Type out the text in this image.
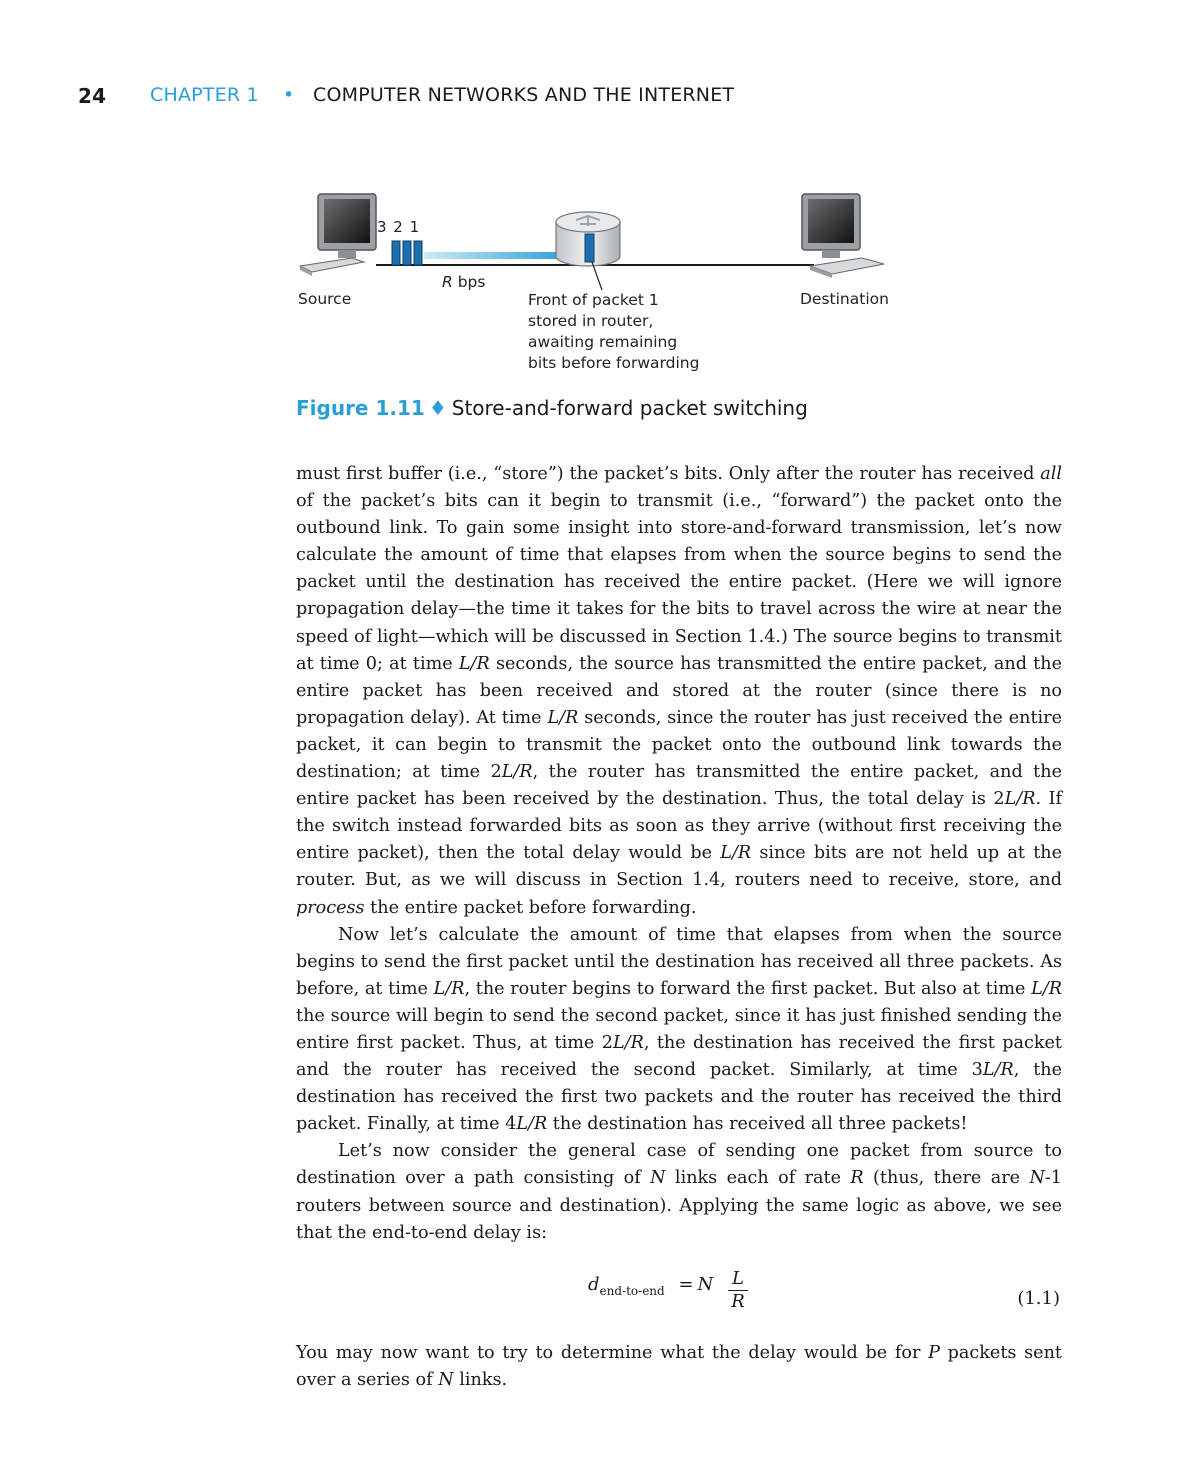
24 CHAPTER 1 • COMPUTER NETWORKS AND THE INTERNET
3 2 1
R bps
Source	Destination
Front of packet 1
stored in router,
awaiting remaining
bits before forwarding
Figure 1.11 ♦ Store-and-forward packet switching

must first buffer (i.e., “store”) the packet’s bits. Only after the router has received all of the packet’s bits can it begin to transmit (i.e., “forward”) the packet onto the outbound link. To gain some insight into store-and-forward transmission, let’s now calculate the amount of time that elapses from when the source begins to send the packet until the destination has received the entire packet. (Here we will ignore propagation delay—the time it takes for the bits to travel across the wire at near the speed of light—which will be discussed in Section 1.4.) The source begins to transmit at time 0; at time L/R seconds, the source has transmitted the entire packet, and the entire packet has been received and stored at the router (since there is no propagation delay). At time L/R seconds, since the router has just received the entire packet, it can begin to transmit the packet onto the outbound link towards the destination; at time 2L/R, the router has transmitted the entire packet, and the entire packet has been received by the destination. Thus, the total delay is 2L/R. If the switch instead forwarded bits as soon as they arrive (without first receiving the entire packet), then the total delay would be L/R since bits are not held up at the router. But, as we will discuss in Section 1.4, routers need to receive, store, and process the entire packet before forwarding.

Now let’s calculate the amount of time that elapses from when the source begins to send the first packet until the destination has received all three packets. As before, at time L/R, the router begins to forward the first packet. But also at time L/R the source will begin to send the second packet, since it has just finished sending the entire first packet. Thus, at time 2L/R, the destination has received the first packet and the router has received the second packet. Similarly, at time 3L/R, the destination has received the first two packets and the router has received the third packet. Finally, at time 4L/R the destination has received all three packets!

Let’s now consider the general case of sending one packet from source to destination over a path consisting of N links each of rate R (thus, there are N-1 routers between source and destination). Applying the same logic as above, we see that the end-to-end delay is:

$d_{end-to-end} = N \frac{L}{R}$	(1.1)

You may now want to try to determine what the delay would be for P packets sent over a series of N links.
